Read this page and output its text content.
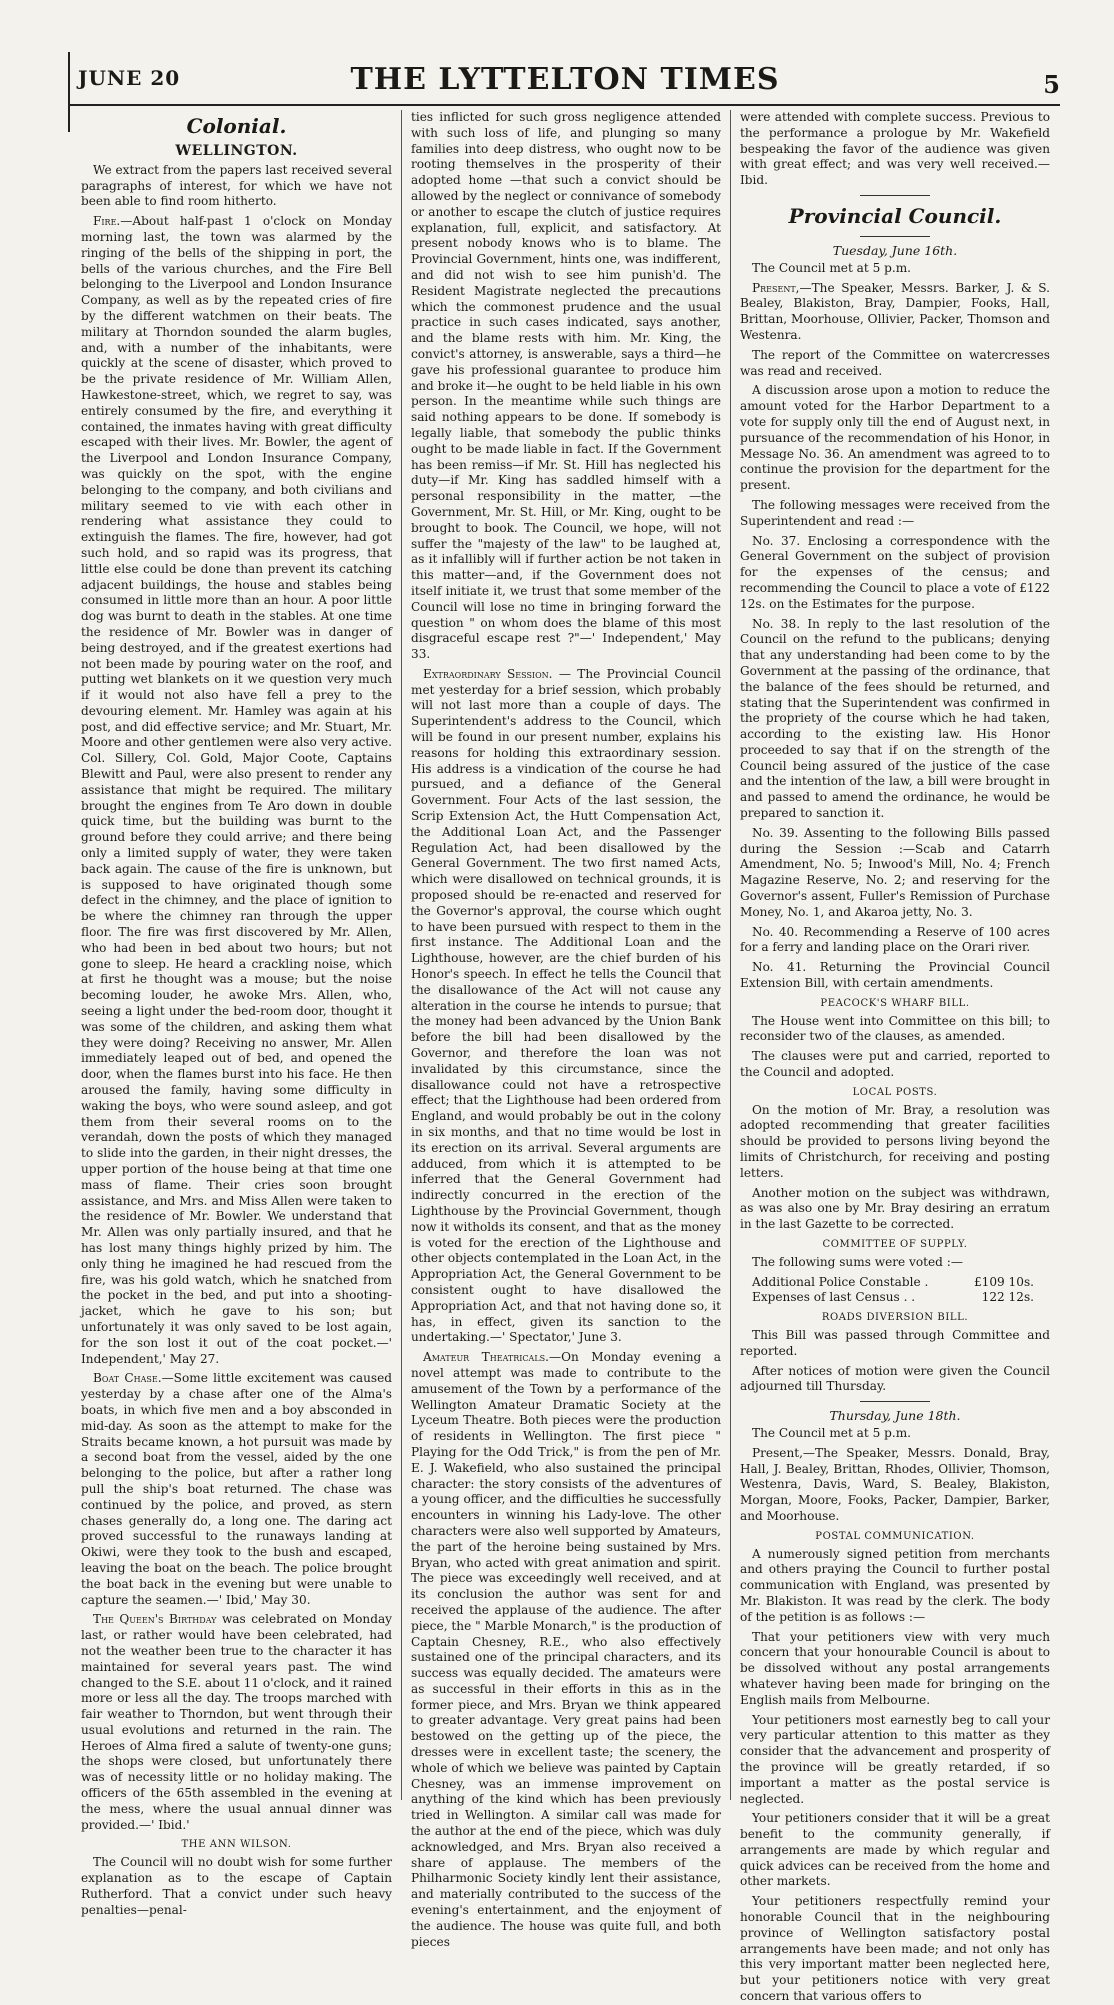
JUNE 20	THE LYTTELTON TIMES	5
Colonial.
WELLINGTON.

We extract from the papers last received several paragraphs of interest, for which we have not been able to find room hitherto.

Fire.—About half-past 1 o'clock on Monday morning last, the town was alarmed by the ringing of the bells of the shipping in port, the bells of the various churches, and the Fire Bell belonging to the Liverpool and London Insurance Company, as well as by the repeated cries of fire by the different watchmen on their beats. The military at Thorndon sounded the alarm bugles, and, with a number of the inhabitants, were quickly at the scene of disaster, which proved to be the private residence of Mr. William Allen, Hawkestone-street, which, we regret to say, was entirely consumed by the fire, and everything it contained, the inmates having with great difficulty escaped with their lives. Mr. Bowler, the agent of the Liverpool and London Insurance Company, was quickly on the spot, with the engine belonging to the company, and both civilians and military seemed to vie with each other in rendering what assistance they could to extinguish the flames. The fire, however, had got such hold, and so rapid was its progress, that little else could be done than prevent its catching adjacent buildings, the house and stables being consumed in little more than an hour. A poor little dog was burnt to death in the stables. At one time the residence of Mr. Bowler was in danger of being destroyed, and if the greatest exertions had not been made by pouring water on the roof, and putting wet blankets on it we question very much if it would not also have fell a prey to the devouring element. Mr. Hamley was again at his post, and did effective service; and Mr. Stuart, Mr. Moore and other gentlemen were also very active. Col. Sillery, Col. Gold, Major Coote, Captains Blewitt and Paul, were also present to render any assistance that might be required. The military brought the engines from Te Aro down in double quick time, but the building was burnt to the ground before they could arrive; and there being only a limited supply of water, they were taken back again. The cause of the fire is unknown, but is supposed to have originated though some defect in the chimney, and the place of ignition to be where the chimney ran through the upper floor. The fire was first discovered by Mr. Allen, who had been in bed about two hours; but not gone to sleep. He heard a crackling noise, which at first he thought was a mouse; but the noise becoming louder, he awoke Mrs. Allen, who, seeing a light under the bed-room door, thought it was some of the children, and asking them what they were doing? Receiving no answer, Mr. Allen immediately leaped out of bed, and opened the door, when the flames burst into his face. He then aroused the family, having some difficulty in waking the boys, who were sound asleep, and got them from their several rooms on to the verandah, down the posts of which they managed to slide into the garden, in their night dresses, the upper portion of the house being at that time one mass of flame. Their cries soon brought assistance, and Mrs. and Miss Allen were taken to the residence of Mr. Bowler. We understand that Mr. Allen was only partially insured, and that he has lost many things highly prized by him. The only thing he imagined he had rescued from the fire, was his gold watch, which he snatched from the pocket in the bed, and put into a shooting-jacket, which he gave to his son; but unfortunately it was only saved to be lost again, for the son lost it out of the coat pocket.—' Independent,' May 27.

Boat Chase.—Some little excitement was caused yesterday by a chase after one of the Alma's boats, in which five men and a boy absconded in mid-day. As soon as the attempt to make for the Straits became known, a hot pursuit was made by a second boat from the vessel, aided by the one belonging to the police, but after a rather long pull the ship's boat returned. The chase was continued by the police, and proved, as stern chases generally do, a long one. The daring act proved successful to the runaways landing at Okiwi, were they took to the bush and escaped, leaving the boat on the beach. The police brought the boat back in the evening but were unable to capture the seamen.—' Ibid,' May 30.

The Queen's Birthday was celebrated on Monday last, or rather would have been celebrated, had not the weather been true to the character it has maintained for several years past. The wind changed to the S.E. about 11 o'clock, and it rained more or less all the day. The troops marched with fair weather to Thorndon, but went through their usual evolutions and returned in the rain. The Heroes of Alma fired a salute of twenty-one guns; the shops were closed, but unfortunately there was of necessity little or no holiday making. The officers of the 65th assembled in the evening at the mess, where the usual annual dinner was provided.—' Ibid.'

THE ANN WILSON.

The Council will no doubt wish for some further explanation as to the escape of Captain Rutherford. That a convict under such heavy penalties—penal-

ties inflicted for such gross negligence attended with such loss of life, and plunging so many families into deep distress, who ought now to be rooting themselves in the prosperity of their adopted home —that such a convict should be allowed by the neglect or connivance of somebody or another to escape the clutch of justice requires explanation, full, explicit, and satisfactory. At present nobody knows who is to blame. The Provincial Government, hints one, was indifferent, and did not wish to see him punish'd. The Resident Magistrate neglected the precautions which the commonest prudence and the usual practice in such cases indicated, says another, and the blame rests with him. Mr. King, the convict's attorney, is answerable, says a third—he gave his professional guarantee to produce him and broke it—he ought to be held liable in his own person. In the meantime while such things are said nothing appears to be done. If somebody is legally liable, that somebody the public thinks ought to be made liable in fact. If the Government has been remiss—if Mr. St. Hill has neglected his duty—if Mr. King has saddled himself with a personal responsibility in the matter, —the Government, Mr. St. Hill, or Mr. King, ought to be brought to book. The Council, we hope, will not suffer the "majesty of the law" to be laughed at, as it infallibly will if further action be not taken in this matter—and, if the Government does not itself initiate it, we trust that some member of the Council will lose no time in bringing forward the question " on whom does the blame of this most disgraceful escape rest ?"—' Independent,' May 33.

Extraordinary Session. — The Provincial Council met yesterday for a brief session, which probably will not last more than a couple of days. The Superintendent's address to the Council, which will be found in our present number, explains his reasons for holding this extraordinary session. His address is a vindication of the course he had pursued, and a defiance of the General Government. Four Acts of the last session, the Scrip Extension Act, the Hutt Compensation Act, the Additional Loan Act, and the Passenger Regulation Act, had been disallowed by the General Government. The two first named Acts, which were disallowed on technical grounds, it is proposed should be re-enacted and reserved for the Governor's approval, the course which ought to have been pursued with respect to them in the first instance. The Additional Loan and the Lighthouse, however, are the chief burden of his Honor's speech. In effect he tells the Council that the disallowance of the Act will not cause any alteration in the course he intends to pursue; that the money had been advanced by the Union Bank before the bill had been disallowed by the Governor, and therefore the loan was not invalidated by this circumstance, since the disallowance could not have a retrospective effect; that the Lighthouse had been ordered from England, and would probably be out in the colony in six months, and that no time would be lost in its erection on its arrival. Several arguments are adduced, from which it is attempted to be inferred that the General Government had indirectly concurred in the erection of the Lighthouse by the Provincial Government, though now it witholds its consent, and that as the money is voted for the erection of the Lighthouse and other objects contemplated in the Loan Act, in the Appropriation Act, the General Government to be consistent ought to have disallowed the Appropriation Act, and that not having done so, it has, in effect, given its sanction to the undertaking.—' Spectator,' June 3.

Amateur Theatricals.—On Monday evening a novel attempt was made to contribute to the amusement of the Town by a performance of the Wellington Amateur Dramatic Society at the Lyceum Theatre. Both pieces were the production of residents in Wellington. The first piece " Playing for the Odd Trick," is from the pen of Mr. E. J. Wakefield, who also sustained the principal character: the story consists of the adventures of a young officer, and the difficulties he successfully encounters in winning his Lady-love. The other characters were also well supported by Amateurs, the part of the heroine being sustained by Mrs. Bryan, who acted with great animation and spirit. The piece was exceedingly well received, and at its conclusion the author was sent for and received the applause of the audience. The after piece, the " Marble Monarch," is the production of Captain Chesney, R.E., who also effectively sustained one of the principal characters, and its success was equally decided. The amateurs were as successful in their efforts in this as in the former piece, and Mrs. Bryan we think appeared to greater advantage. Very great pains had been bestowed on the getting up of the piece, the dresses were in excellent taste; the scenery, the whole of which we believe was painted by Captain Chesney, was an immense improvement on anything of the kind which has been previously tried in Wellington. A similar call was made for the author at the end of the piece, which was duly acknowledged, and Mrs. Bryan also received a share of applause. The members of the Philharmonic Society kindly lent their assistance, and materially contributed to the success of the evening's entertainment, and the enjoyment of the audience. The house was quite full, and both pieces

were attended with complete success. Previous to the performance a prologue by Mr. Wakefield bespeaking the favor of the audience was given with great effect; and was very well received.—Ibid.

Provincial Council.
Tuesday, June 16th.

The Council met at 5 p.m.

Present,—The Speaker, Messrs. Barker, J. & S. Bealey, Blakiston, Bray, Dampier, Fooks, Hall, Brittan, Moorhouse, Ollivier, Packer, Thomson and Westenra.

The report of the Committee on watercresses was read and received.

A discussion arose upon a motion to reduce the amount voted for the Harbor Department to a vote for supply only till the end of August next, in pursuance of the recommendation of his Honor, in Message No. 36. An amendment was agreed to to continue the provision for the department for the present.

The following messages were received from the Superintendent and read :—

No. 37. Enclosing a correspondence with the General Government on the subject of provision for the expenses of the census; and recommending the Council to place a vote of £122 12s. on the Estimates for the purpose.

No. 38. In reply to the last resolution of the Council on the refund to the publicans; denying that any understanding had been come to by the Government at the passing of the ordinance, that the balance of the fees should be returned, and stating that the Superintendent was confirmed in the propriety of the course which he had taken, according to the existing law. His Honor proceeded to say that if on the strength of the Council being assured of the justice of the case and the intention of the law, a bill were brought in and passed to amend the ordinance, he would be prepared to sanction it.

No. 39. Assenting to the following Bills passed during the Session :—Scab and Catarrh Amendment, No. 5; Inwood's Mill, No. 4; French Magazine Reserve, No. 2; and reserving for the Governor's assent, Fuller's Remission of Purchase Money, No. 1, and Akaroa jetty, No. 3.

No. 40. Recommending a Reserve of 100 acres for a ferry and landing place on the Orari river.

No. 41. Returning the Provincial Council Extension Bill, with certain amendments.

PEACOCK'S WHARF BILL.

The House went into Committee on this bill; to reconsider two of the clauses, as amended.

The clauses were put and carried, reported to the Council and adopted.

LOCAL POSTS.

On the motion of Mr. Bray, a resolution was adopted recommending that greater facilities should be provided to persons living beyond the limits of Christchurch, for receiving and posting letters.

Another motion on the subject was withdrawn, as was also one by Mr. Bray desiring an erratum in the last Gazette to be corrected.

COMMITTEE OF SUPPLY.

The following sums were voted :—

Additional Police Constable .	£109 10s.
Expenses of last Census . .	122 12s.
ROADS DIVERSION BILL.

This Bill was passed through Committee and reported.

After notices of motion were given the Council adjourned till Thursday.

Thursday, June 18th.

The Council met at 5 p.m.

Present,—The Speaker, Messrs. Donald, Bray, Hall, J. Bealey, Brittan, Rhodes, Ollivier, Thomson, Westenra, Davis, Ward, S. Bealey, Blakiston, Morgan, Moore, Fooks, Packer, Dampier, Barker, and Moorhouse.

POSTAL COMMUNICATION.

A numerously signed petition from merchants and others praying the Council to further postal communication with England, was presented by Mr. Blakiston. It was read by the clerk. The body of the petition is as follows :—

That your petitioners view with very much concern that your honourable Council is about to be dissolved without any postal arrangements whatever having been made for bringing on the English mails from Melbourne.

Your petitioners most earnestly beg to call your very particular attention to this matter as they consider that the advancement and prosperity of the province will be greatly retarded, if so important a matter as the postal service is neglected.

Your petitioners consider that it will be a great benefit to the community generally, if arrangements are made by which regular and quick advices can be received from the home and other markets.

Your petitioners respectfully remind your honorable Council that in the neighbouring province of Wellington satisfactory postal arrangements have been made; and not only has this very important matter been neglected here, but your petitioners notice with very great concern that various offers to
